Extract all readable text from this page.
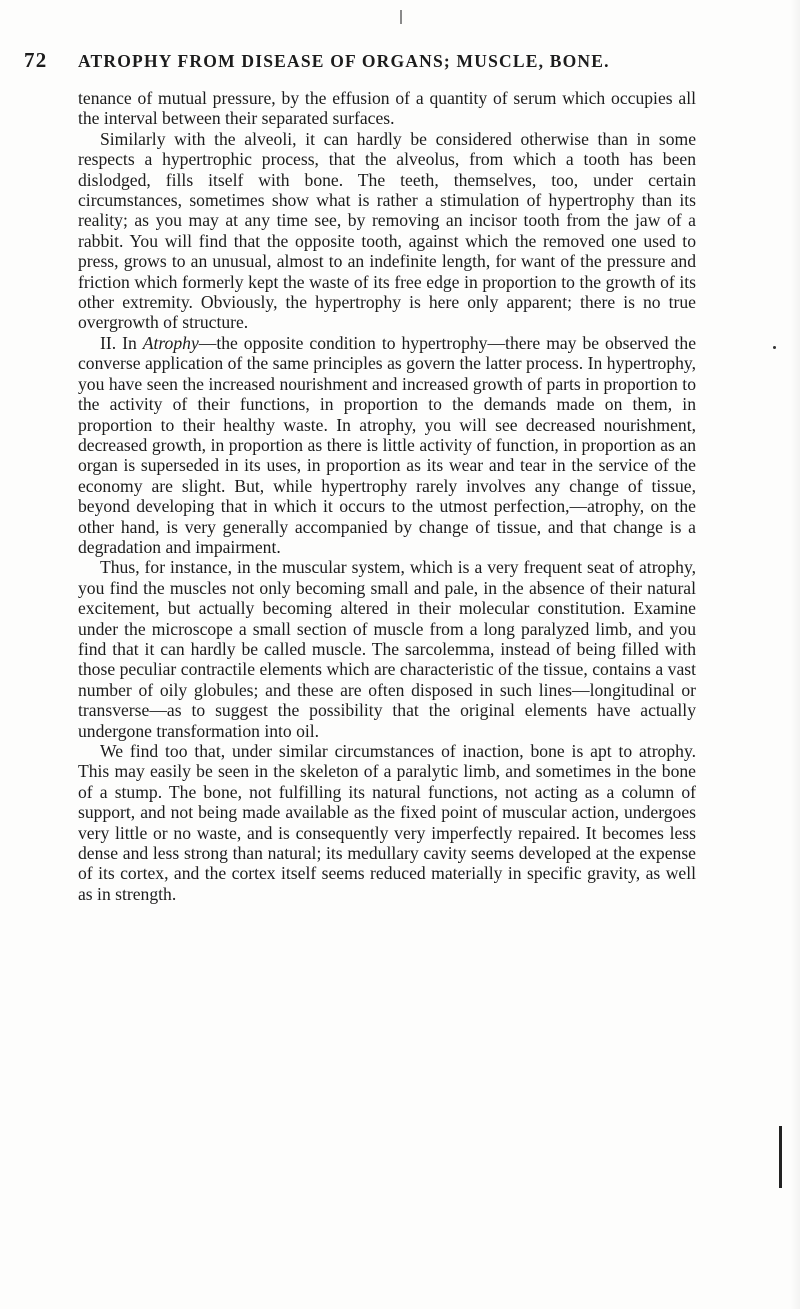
72 ATROPHY FROM DISEASE OF ORGANS; MUSCLE, BONE.

tenance of mutual pressure, by the effusion of a quantity of serum which occupies all the interval between their separated surfaces.

Similarly with the alveoli, it can hardly be considered otherwise than in some respects a hypertrophic process, that the alveolus, from which a tooth has been dislodged, fills itself with bone. The teeth, themselves, too, under certain circumstances, sometimes show what is rather a stimulation of hypertrophy than its reality; as you may at any time see, by removing an incisor tooth from the jaw of a rabbit. You will find that the opposite tooth, against which the removed one used to press, grows to an unusual, almost to an indefinite length, for want of the pressure and friction which formerly kept the waste of its free edge in proportion to the growth of its other extremity. Obviously, the hypertrophy is here only apparent; there is no true overgrowth of structure.

II. In Atrophy—the opposite condition to hypertrophy—there may be observed the converse application of the same principles as govern the latter process. In hypertrophy, you have seen the increased nourishment and increased growth of parts in proportion to the activity of their functions, in proportion to the demands made on them, in proportion to their healthy waste. In atrophy, you will see decreased nourishment, decreased growth, in proportion as there is little activity of function, in proportion as an organ is superseded in its uses, in proportion as its wear and tear in the service of the economy are slight. But, while hypertrophy rarely involves any change of tissue, beyond developing that in which it occurs to the utmost perfection,—atrophy, on the other hand, is very generally accompanied by change of tissue, and that change is a degradation and impairment.

Thus, for instance, in the muscular system, which is a very frequent seat of atrophy, you find the muscles not only becoming small and pale, in the absence of their natural excitement, but actually becoming altered in their molecular constitution. Examine under the microscope a small section of muscle from a long paralyzed limb, and you find that it can hardly be called muscle. The sarcolemma, instead of being filled with those peculiar contractile elements which are characteristic of the tissue, contains a vast number of oily globules; and these are often disposed in such lines—longitudinal or transverse—as to suggest the possibility that the original elements have actually undergone transformation into oil.

We find too that, under similar circumstances of inaction, bone is apt to atrophy. This may easily be seen in the skeleton of a paralytic limb, and sometimes in the bone of a stump. The bone, not fulfilling its natural functions, not acting as a column of support, and not being made available as the fixed point of muscular action, undergoes very little or no waste, and is consequently very imperfectly repaired. It becomes less dense and less strong than natural; its medullary cavity seems developed at the expense of its cortex, and the cortex itself seems reduced materially in specific gravity, as well as in strength.
